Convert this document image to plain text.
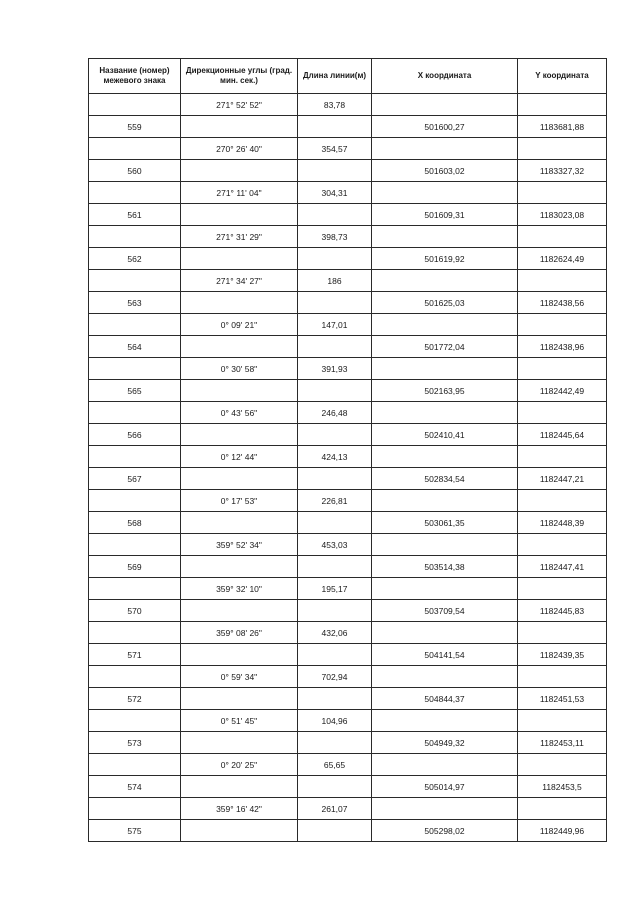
Название (номер) межевого знака	Дирекционные углы (град. мин. сек.)	Длина линии(м)	X координата	Y координата
	271° 52' 52"	83,78		
559			501600,27	1183681,88
	270° 26' 40"	354,57		
560			501603,02	1183327,32
	271° 11' 04"	304,31		
561			501609,31	1183023,08
	271° 31' 29"	398,73		
562			501619,92	1182624,49
	271° 34' 27"	186		
563			501625,03	1182438,56
	0° 09' 21"	147,01		
564			501772,04	1182438,96
	0° 30' 58"	391,93		
565			502163,95	1182442,49
	0° 43' 56"	246,48		
566			502410,41	1182445,64
	0° 12' 44"	424,13		
567			502834,54	1182447,21
	0° 17' 53"	226,81		
568			503061,35	1182448,39
	359° 52' 34"	453,03		
569			503514,38	1182447,41
	359° 32' 10"	195,17		
570			503709,54	1182445,83
	359° 08' 26"	432,06		
571			504141,54	1182439,35
	0° 59' 34"	702,94		
572			504844,37	1182451,53
	0° 51' 45"	104,96		
573			504949,32	1182453,11
	0° 20' 25"	65,65		
574			505014,97	1182453,5
	359° 16' 42"	261,07		
575			505298,02	1182449,96
